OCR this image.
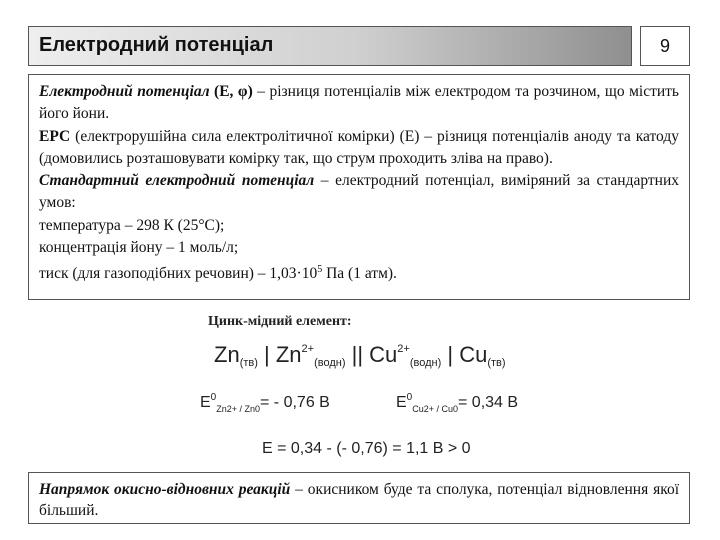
Електродний потенціал	9

Електродний потенціал (Е, φ) – різниця потенціалів між електродом та розчином, що містить його йони.

ЕРС (електрорушійна сила електролітичної комірки) (Е) – різниця потенціалів аноду та катоду (домовились розташовувати комірку так, що струм проходить зліва на право).

Стандартний електродний потенціал – електродний потенціал, виміряний за стандартних умов:

температура – 298 К (25°С);

концентрація йону – 1 моль/л;

тиск (для газоподібних речовин) – $1,03\cdot 10^5$ Па (1 атм).

Цинк-мідний елемент:
Zn(тв) | $Zn^{2+}(водн)$ || $Cu^{2+}(водн)$ | Cu(тв)
$E^0_{Zn2+ / Zn0}= - 0,76$ В	$E^0_{Cu2+ / Cu0}= 0,34$ В
E = 0,34 - (- 0,76) = 1,1 В > 0

Напрямок окисно-відновних реакцій – окисником буде та сполука, потенціал відновлення якої більший.
